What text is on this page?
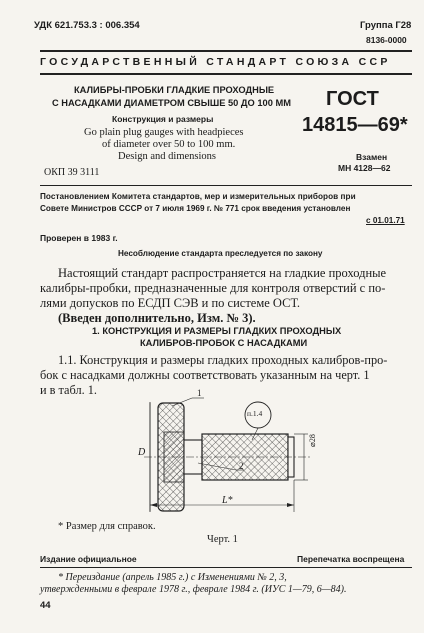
УДК 621.753.3 : 006.354	Группа Г28
8136-0000
ГОСУДАРСТВЕННЫЙ СТАНДАРТ СОЮЗА ССР
КАЛИБРЫ-ПРОБКИ ГЛАДКИЕ ПРОХОДНЫЕ
С НАСАДКАМИ ДИАМЕТРОМ СВЫШЕ 50 ДО 100 ММ
Конструкция и размеры
Go plain plug gauges with headpieces
of diameter over 50 to 100 mm.
Design and dimensions
ОКП 39 3111
ГОСТ
14815—69*
Взамен
МН 4128—62
Постановлением Комитета стандартов, мер и измерительных приборов при
Совете Министров СССР от 7 июля 1969 г. № 771 срок введения установлен
с 01.01.71
Проверен в 1983 г.
Несоблюдение стандарта преследуется по закону
Настоящий стандарт распространяется на гладкие проходные
калибры-пробки, предназначенные для контроля отверстий с по-
лями допусков по ЕСДП СЭВ и по системе ОСТ.
(Введен дополнительно, Изм. № 3).
1. КОНСТРУКЦИЯ И РАЗМЕРЫ ГЛАДКИХ ПРОХОДНЫХ
КАЛИБРОВ-ПРОБОК С НАСАДКАМИ
1.1. Конструкция и размеры гладких проходных калибров-про-
бок с насадками должны соответствовать указанным на черт. 1
и в табл. 1.	1
2
D
L*
⌀28
п.1.4
* Размер для справок.
Черт. 1
Издание официальное	Перепечатка воспрещена
* Переиздание (апрель 1985 г.) с Изменениями № 2, 3,
утвержденными в феврале 1978 г., феврале 1984 г. (ИУС 1—79, 6—84).
44
